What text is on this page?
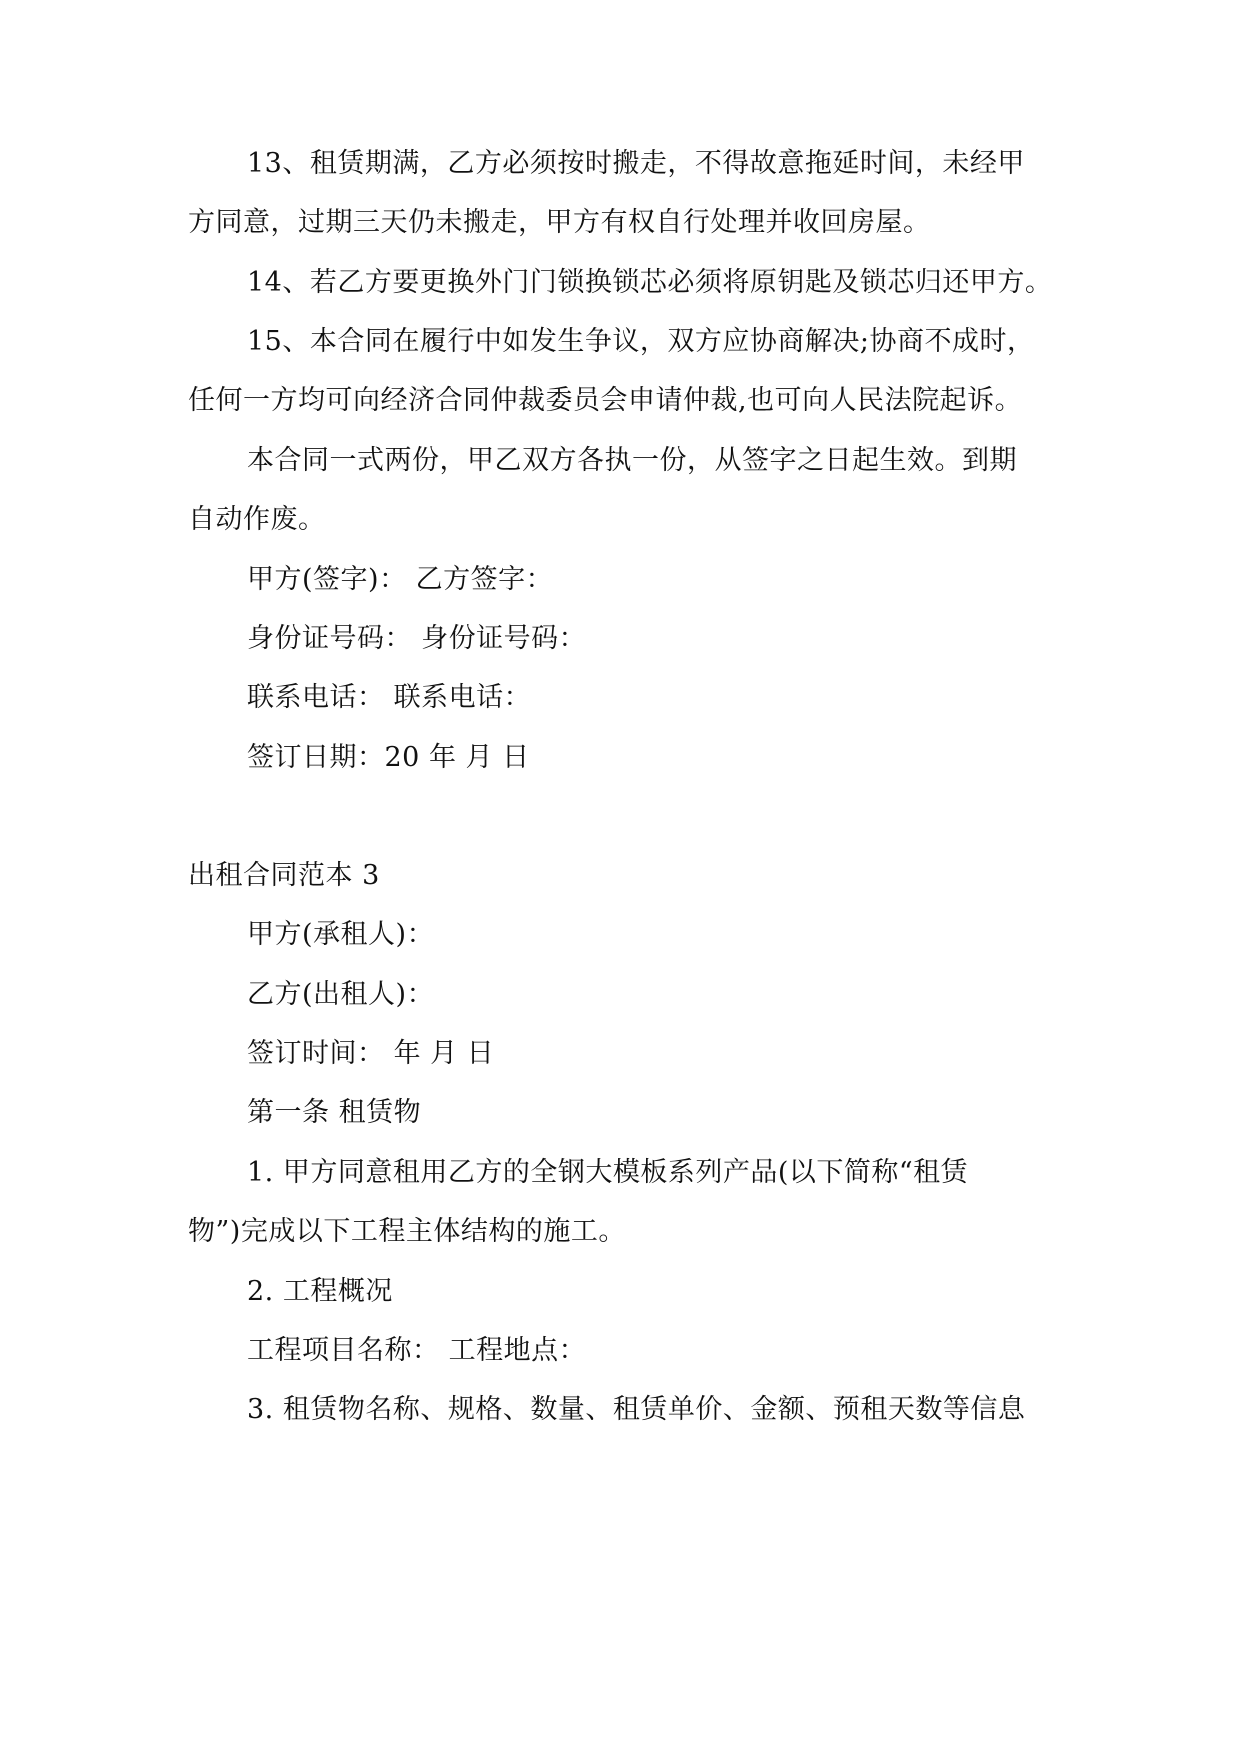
13、租赁期满，乙方必须按时搬走，不得故意拖延时间，未经甲
方同意，过期三天仍未搬走，甲方有权自行处理并收回房屋。
14、若乙方要更换外门门锁换锁芯必须将原钥匙及锁芯归还甲方。
15、本合同在履行中如发生争议，双方应协商解决;协商不成时，
任何一方均可向经济合同仲裁委员会申请仲裁,也可向人民法院起诉。
本合同一式两份，甲乙双方各执一份，从签字之日起生效。到期
自动作废。
甲方(签字)： 乙方签字：
身份证号码： 身份证号码：
联系电话： 联系电话：
签订日期：20 年 月 日
出租合同范本 3
甲方(承租人)：
乙方(出租人)：
签订时间： 年 月 日
第一条 租赁物
1. 甲方同意租用乙方的全钢大模板系列产品(以下简称“租赁
物”)完成以下工程主体结构的施工。
2. 工程概况
工程项目名称： 工程地点：
3. 租赁物名称、规格、数量、租赁单价、金额、预租天数等信息
